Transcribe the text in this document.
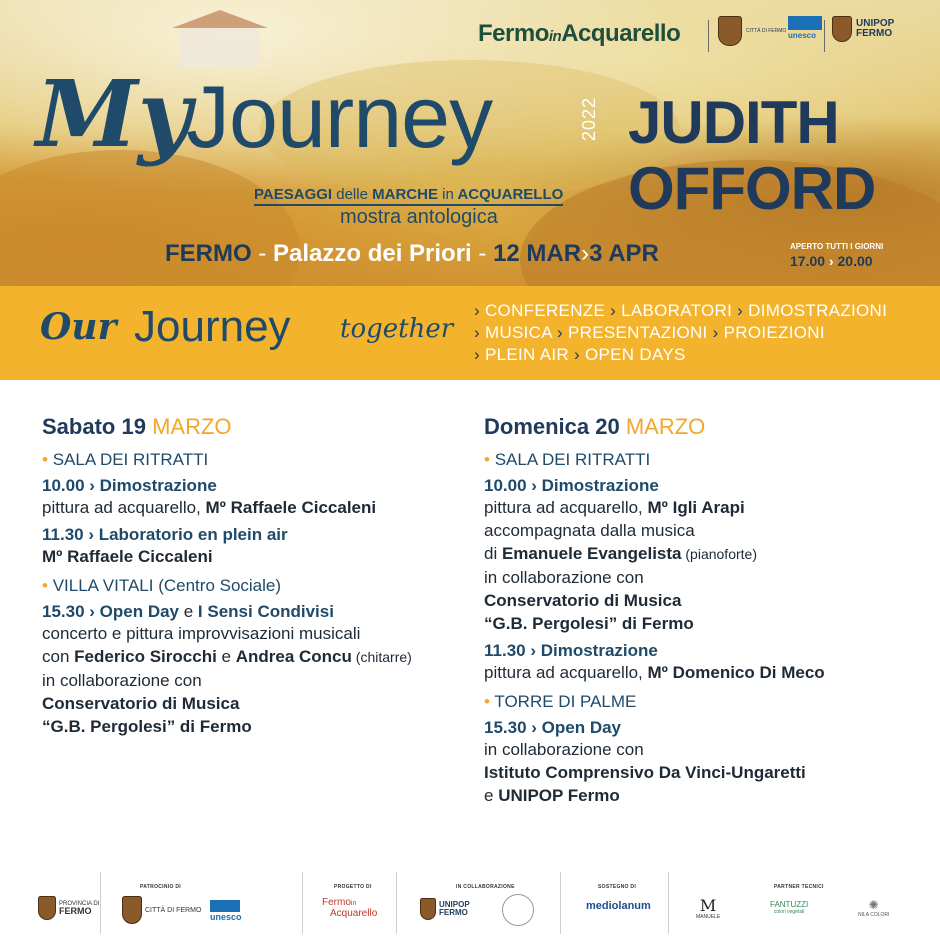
FermoinAcquarello	CITTÀ DI FERMO unesco
UNIPOP
FERMO
My
Journey
PAESAGGI delle MARCHE in ACQUARELLO
mostra antologica
2022 JUDITH
OFFORD
FERMO - Palazzo dei Priori - 12 MAR›3 APR	APERTO TUTTI I GIORNI
17.00 › 20.00
Our Journey together
› CONFERENZE › LABORATORI › DIMOSTRAZIONI
› MUSICA › PRESENTAZIONI › PROIEZIONI
› PLEIN AIR › OPEN DAYS
Sabato 19 MARZO
• SALA DEI RITRATTI
10.00 › Dimostrazione
pittura ad acquarello, Mº Raffaele Ciccaleni
11.30 › Laboratorio en plein air
Mº Raffaele Ciccaleni
• VILLA VITALI (Centro Sociale)
15.30 › Open Day e I Sensi Condivisi
concerto e pittura improvvisazioni musicali
con Federico Sirocchi e Andrea Concu (chitarre)
in collaborazione con
Conservatorio di Musica
“G.B. Pergolesi” di Fermo
Domenica 20 MARZO
• SALA DEI RITRATTI
10.00 › Dimostrazione
pittura ad acquarello, Mº Igli Arapi
accompagnata dalla musica
di Emanuele Evangelista (pianoforte)
in collaborazione con
Conservatorio di Musica
“G.B. Pergolesi” di Fermo
11.30 › Dimostrazione
pittura ad acquarello, Mº Domenico Di Meco
• TORRE DI PALME
15.30 › Open Day
in collaborazione con
Istituto Comprensivo Da Vinci-Ungaretti
e UNIPOP Fermo
PROVINCIA DI
FERMO
PATROCINIO DI
CITTÀ DI FERMO
unesco
PROGETTO DI
Fermoin
Acquarello
IN COLLABORAZIONE
UNIPOP
FERMO
SOSTEGNO DI
mediolanum
PARTNER TECNICI
M
MANUELE
FANTUZZI
colori vegetali	✺
NILA COLORI
